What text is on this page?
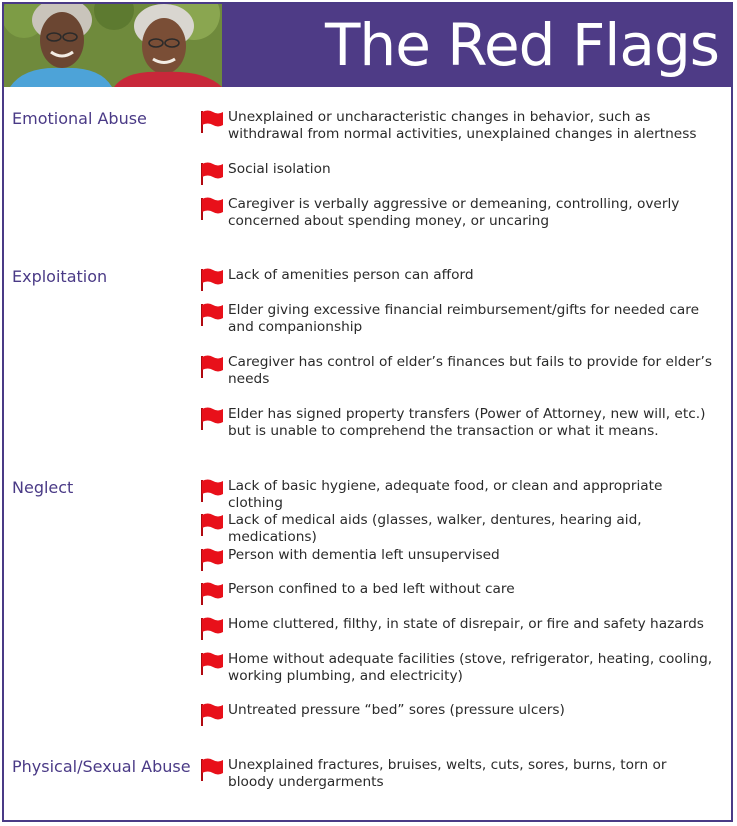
The Red Flags
Emotional Abuse	Unexplained or uncharacteristic changes in behavior, such as withdrawal from normal activities, unexplained changes in alertness
Social isolation
Caregiver is verbally aggressive or demeaning, controlling, overly concerned about spending money, or uncaring
Exploitation	Lack of amenities person can afford
Elder giving excessive financial reimbursement/gifts for needed care and companionship
Caregiver has control of elder’s finances but fails to provide for elder’s needs
Elder has signed property transfers (Power of Attorney, new will, etc.) but is unable to comprehend the transaction or what it means.
Neglect	Lack of basic hygiene, adequate food, or clean and appropriate clothing
Lack of medical aids (glasses, walker, dentures, hearing aid, medications)
Person with dementia left unsupervised
Person confined to a bed left without care
Home cluttered, filthy, in state of disrepair, or fire and safety hazards
Home without adequate facilities (stove, refrigerator, heating, cooling, working plumbing, and electricity)
Untreated pressure “bed” sores (pressure ulcers)
Physical/Sexual Abuse	Unexplained fractures, bruises, welts, cuts, sores, burns, torn or bloody undergarments
